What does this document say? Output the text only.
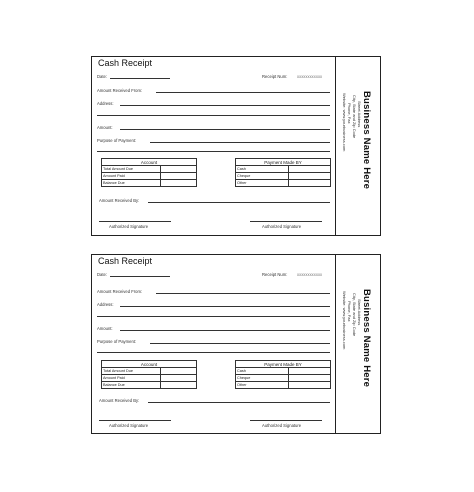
Cash Receipt
Date:	Receipt Num: xxxxxxxxxxxx
Amount Received From:
Address:
Amount:
Purpose of Payment:
Account	
Total Amount Due	
Amount Paid	
Balance Due	
Payment Made BY	
Cash	
Cheque	
Other	
Amount Received By:
Authorized Signature	Authorized Signature
Business Name Here
Street Address
City, State and Zip Code
Phone, Fax
Website: www.yourbusiness.com
Cash Receipt
Date:	Receipt Num: xxxxxxxxxxxx
Amount Received From:
Address:
Amount:
Purpose of Payment:
Account	
Total Amount Due	
Amount Paid	
Balance Due	
Payment Made BY	
Cash	
Cheque	
Other	
Amount Received By:
Authorized Signature	Authorized Signature
Business Name Here
Street Address
City, State and Zip Code
Phone, Fax
Website: www.yourbusiness.com
